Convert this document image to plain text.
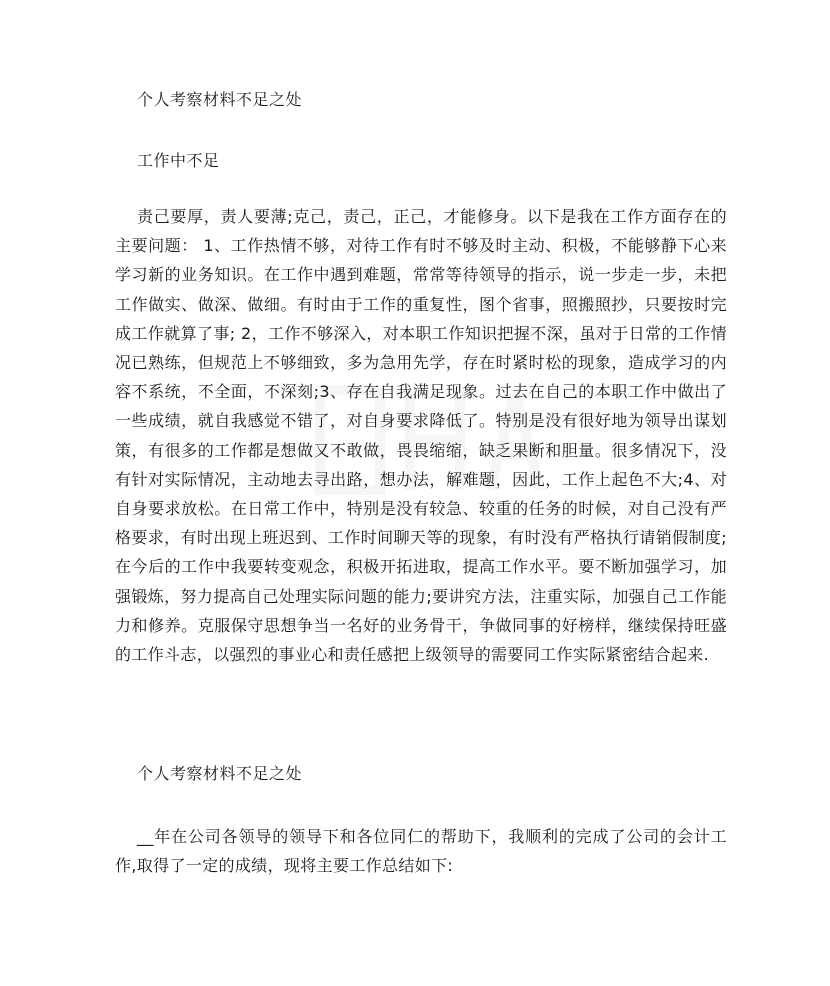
个人考察材料不足之处
工作中不足

责己要厚，责人要薄;克己，责己，正己，才能修身。以下是我在工作方面存在的主要问题： 1、工作热情不够，对待工作有时不够及时主动、积极，不能够静下心来学习新的业务知识。在工作中遇到难题，常常等待领导的指示，说一步走一步，未把工作做实、做深、做细。有时由于工作的重复性，图个省事，照搬照抄，只要按时完成工作就算了事; 2，工作不够深入，对本职工作知识把握不深，虽对于日常的工作情况已熟练，但规范上不够细致，多为急用先学，存在时紧时松的现象，造成学习的内容不系统，不全面，不深刻;3、存在自我满足现象。过去在自己的本职工作中做出了一些成绩，就自我感觉不错了，对自身要求降低了。特别是没有很好地为领导出谋划策，有很多的工作都是想做又不敢做，畏畏缩缩，缺乏果断和胆量。很多情况下，没有针对实际情况，主动地去寻出路，想办法，解难题，因此，工作上起色不大;4、对自身要求放松。在日常工作中，特别是没有较急、较重的任务的时候，对自己没有严格要求，有时出现上班迟到、工作时间聊天等的现象，有时没有严格执行请销假制度;在今后的工作中我要转变观念，积极开拓进取，提高工作水平。要不断加强学习，加强锻炼，努力提高自己处理实际问题的能力;要讲究方法，注重实际，加强自己工作能力和修养。克服保守思想争当一名好的业务骨干，争做同事的好榜样，继续保持旺盛的工作斗志，以强烈的事业心和责任感把上级领导的需要同工作实际紧密结合起来.

个人考察材料不足之处

__年在公司各领导的领导下和各位同仁的帮助下，我顺利的完成了公司的会计工作,取得了一定的成绩，现将主要工作总结如下:
